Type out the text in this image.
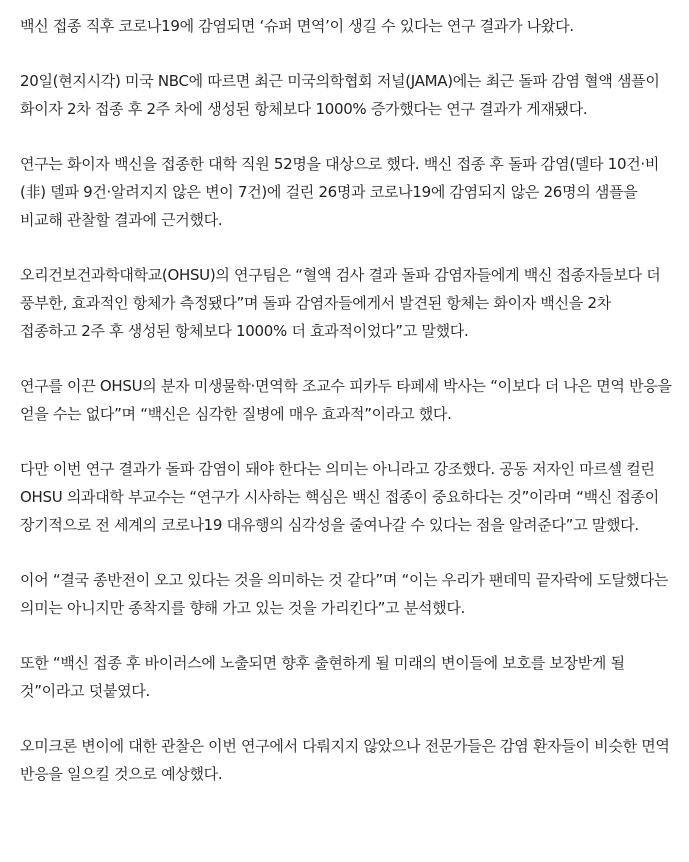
백신 접종 직후 코로나19에 감염되면 ‘슈퍼 면역’이 생길 수 있다는 연구 결과가 나왔다.

20일(현지시각) 미국 NBC에 따르면 최근 미국의학협회 저널(JAMA)에는 최근 돌파 감염 혈액 샘플이 화이자 2차 접종 후 2주 차에 생성된 항체보다 1000% 증가했다는 연구 결과가 게재됐다.

연구는 화이자 백신을 접종한 대학 직원 52명을 대상으로 했다. 백신 접종 후 돌파 감염(델타 10건·비(非) 델파 9건·알려지지 않은 변이 7건)에 걸린 26명과 코로나19에 감염되지 않은 26명의 샘플을 비교해 관찰할 결과에 근거했다.

오리건보건과학대학교(OHSU)의 연구팀은 “혈액 검사 결과 돌파 감염자들에게 백신 접종자들보다 더 풍부한, 효과적인 항체가 측정됐다”며 돌파 감염자들에게서 발견된 항체는 화이자 백신을 2차 접종하고 2주 후 생성된 항체보다 1000% 더 효과적이었다”고 말했다.

연구를 이끈 OHSU의 분자 미생물학·면역학 조교수 피카두 타페세 박사는 “이보다 더 나은 면역 반응을 얻을 수는 없다”며 “백신은 심각한 질병에 매우 효과적”이라고 했다.

다만 이번 연구 결과가 돌파 감염이 돼야 한다는 의미는 아니라고 강조했다. 공동 저자인 마르셀 컬린 OHSU 의과대학 부교수는 “연구가 시사하는 핵심은 백신 접종이 중요하다는 것”이라며 “백신 접종이 장기적으로 전 세계의 코로나19 대유행의 심각성을 줄여나갈 수 있다는 점을 알려준다”고 말했다.

이어 “결국 종반전이 오고 있다는 것을 의미하는 것 같다”며 “이는 우리가 팬데믹 끝자락에 도달했다는 의미는 아니지만 종착지를 향해 가고 있는 것을 가리킨다”고 분석했다.

또한 “백신 접종 후 바이러스에 노출되면 향후 출현하게 될 미래의 변이들에 보호를 보장받게 될 것”이라고 덧붙였다.

오미크론 변이에 대한 관찰은 이번 연구에서 다뤄지지 않았으나 전문가들은 감염 환자들이 비슷한 면역 반응을 일으킬 것으로 예상했다.
